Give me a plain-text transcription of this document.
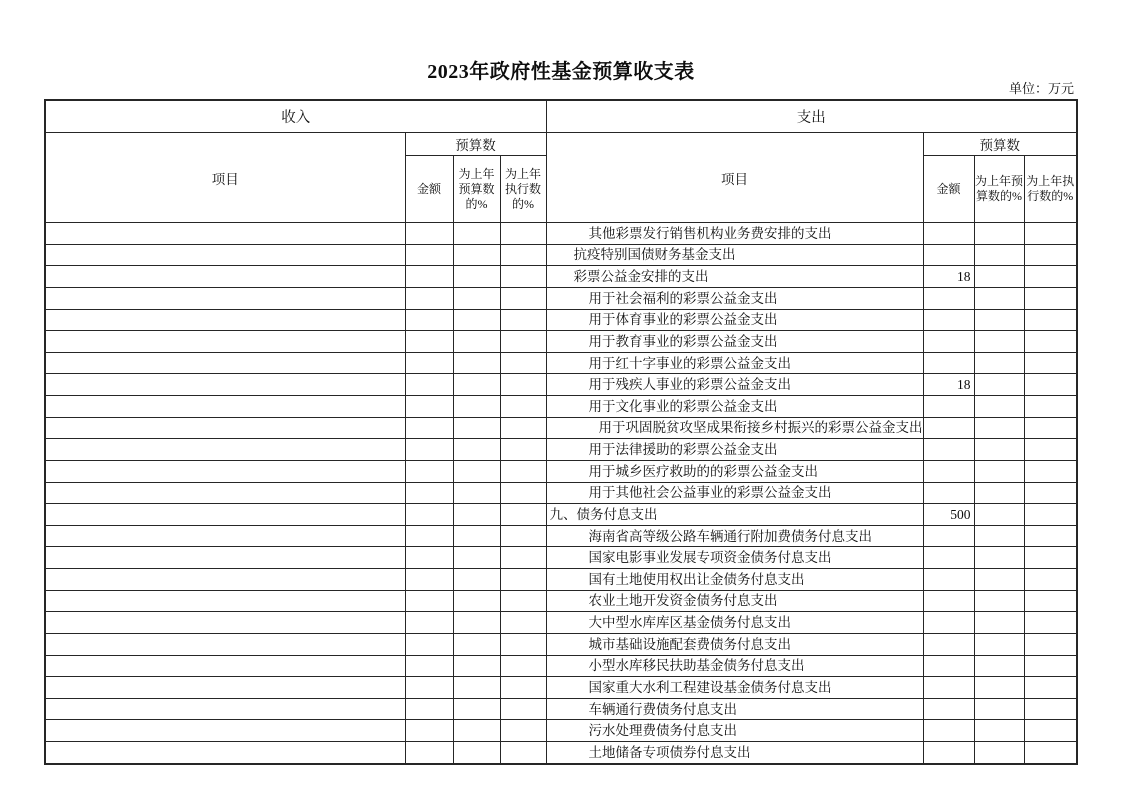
2023年政府性基金预算收支表
单位：万元
收入				支出			
项目	预算数			项目	预算数		
	金额	为上年预算数的%	为上年执行数的%		金额	为上年预算数的%	为上年执行数的%
				其他彩票发行销售机构业务费安排的支出			
				抗疫特别国债财务基金支出			
				彩票公益金安排的支出	18		
				用于社会福利的彩票公益金支出			
				用于体育事业的彩票公益金支出			
				用于教育事业的彩票公益金支出			
				用于红十字事业的彩票公益金支出			
				用于残疾人事业的彩票公益金支出	18		
				用于文化事业的彩票公益金支出			
				用于巩固脱贫攻坚成果衔接乡村振兴的彩票公益金支出			
				用于法律援助的彩票公益金支出			
				用于城乡医疗救助的的彩票公益金支出			
				用于其他社会公益事业的彩票公益金支出			
				九、债务付息支出	500		
				海南省高等级公路车辆通行附加费债务付息支出			
				国家电影事业发展专项资金债务付息支出			
				国有土地使用权出让金债务付息支出			
				农业土地开发资金债务付息支出			
				大中型水库库区基金债务付息支出			
				城市基础设施配套费债务付息支出			
				小型水库移民扶助基金债务付息支出			
				国家重大水利工程建设基金债务付息支出			
				车辆通行费债务付息支出			
				污水处理费债务付息支出			
				土地储备专项债券付息支出			
